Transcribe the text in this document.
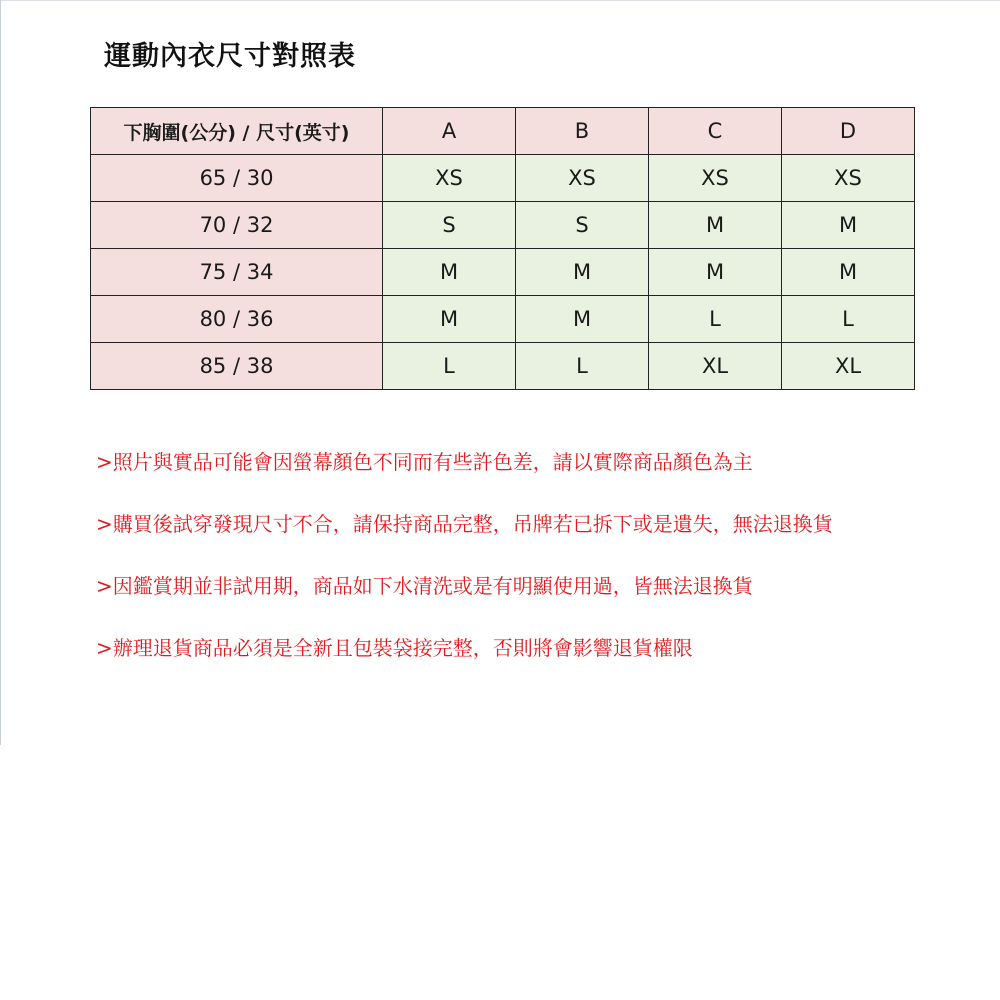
運動內衣尺寸對照表
下胸圍(公分) / 尺寸(英寸)	A	B	C	D
65 / 30	XS	XS	XS	XS
70 / 32	S	S	M	M
75 / 34	M	M	M	M
80 / 36	M	M	L	L
85 / 38	L	L	XL	XL
>照片與實品可能會因螢幕顏色不同而有些許色差，請以實際商品顏色為主
>購買後試穿發現尺寸不合，請保持商品完整，吊牌若已拆下或是遺失，無法退換貨
>因鑑賞期並非試用期，商品如下水清洗或是有明顯使用過，皆無法退換貨
>辦理退貨商品必須是全新且包裝袋接完整，否則將會影響退貨權限
